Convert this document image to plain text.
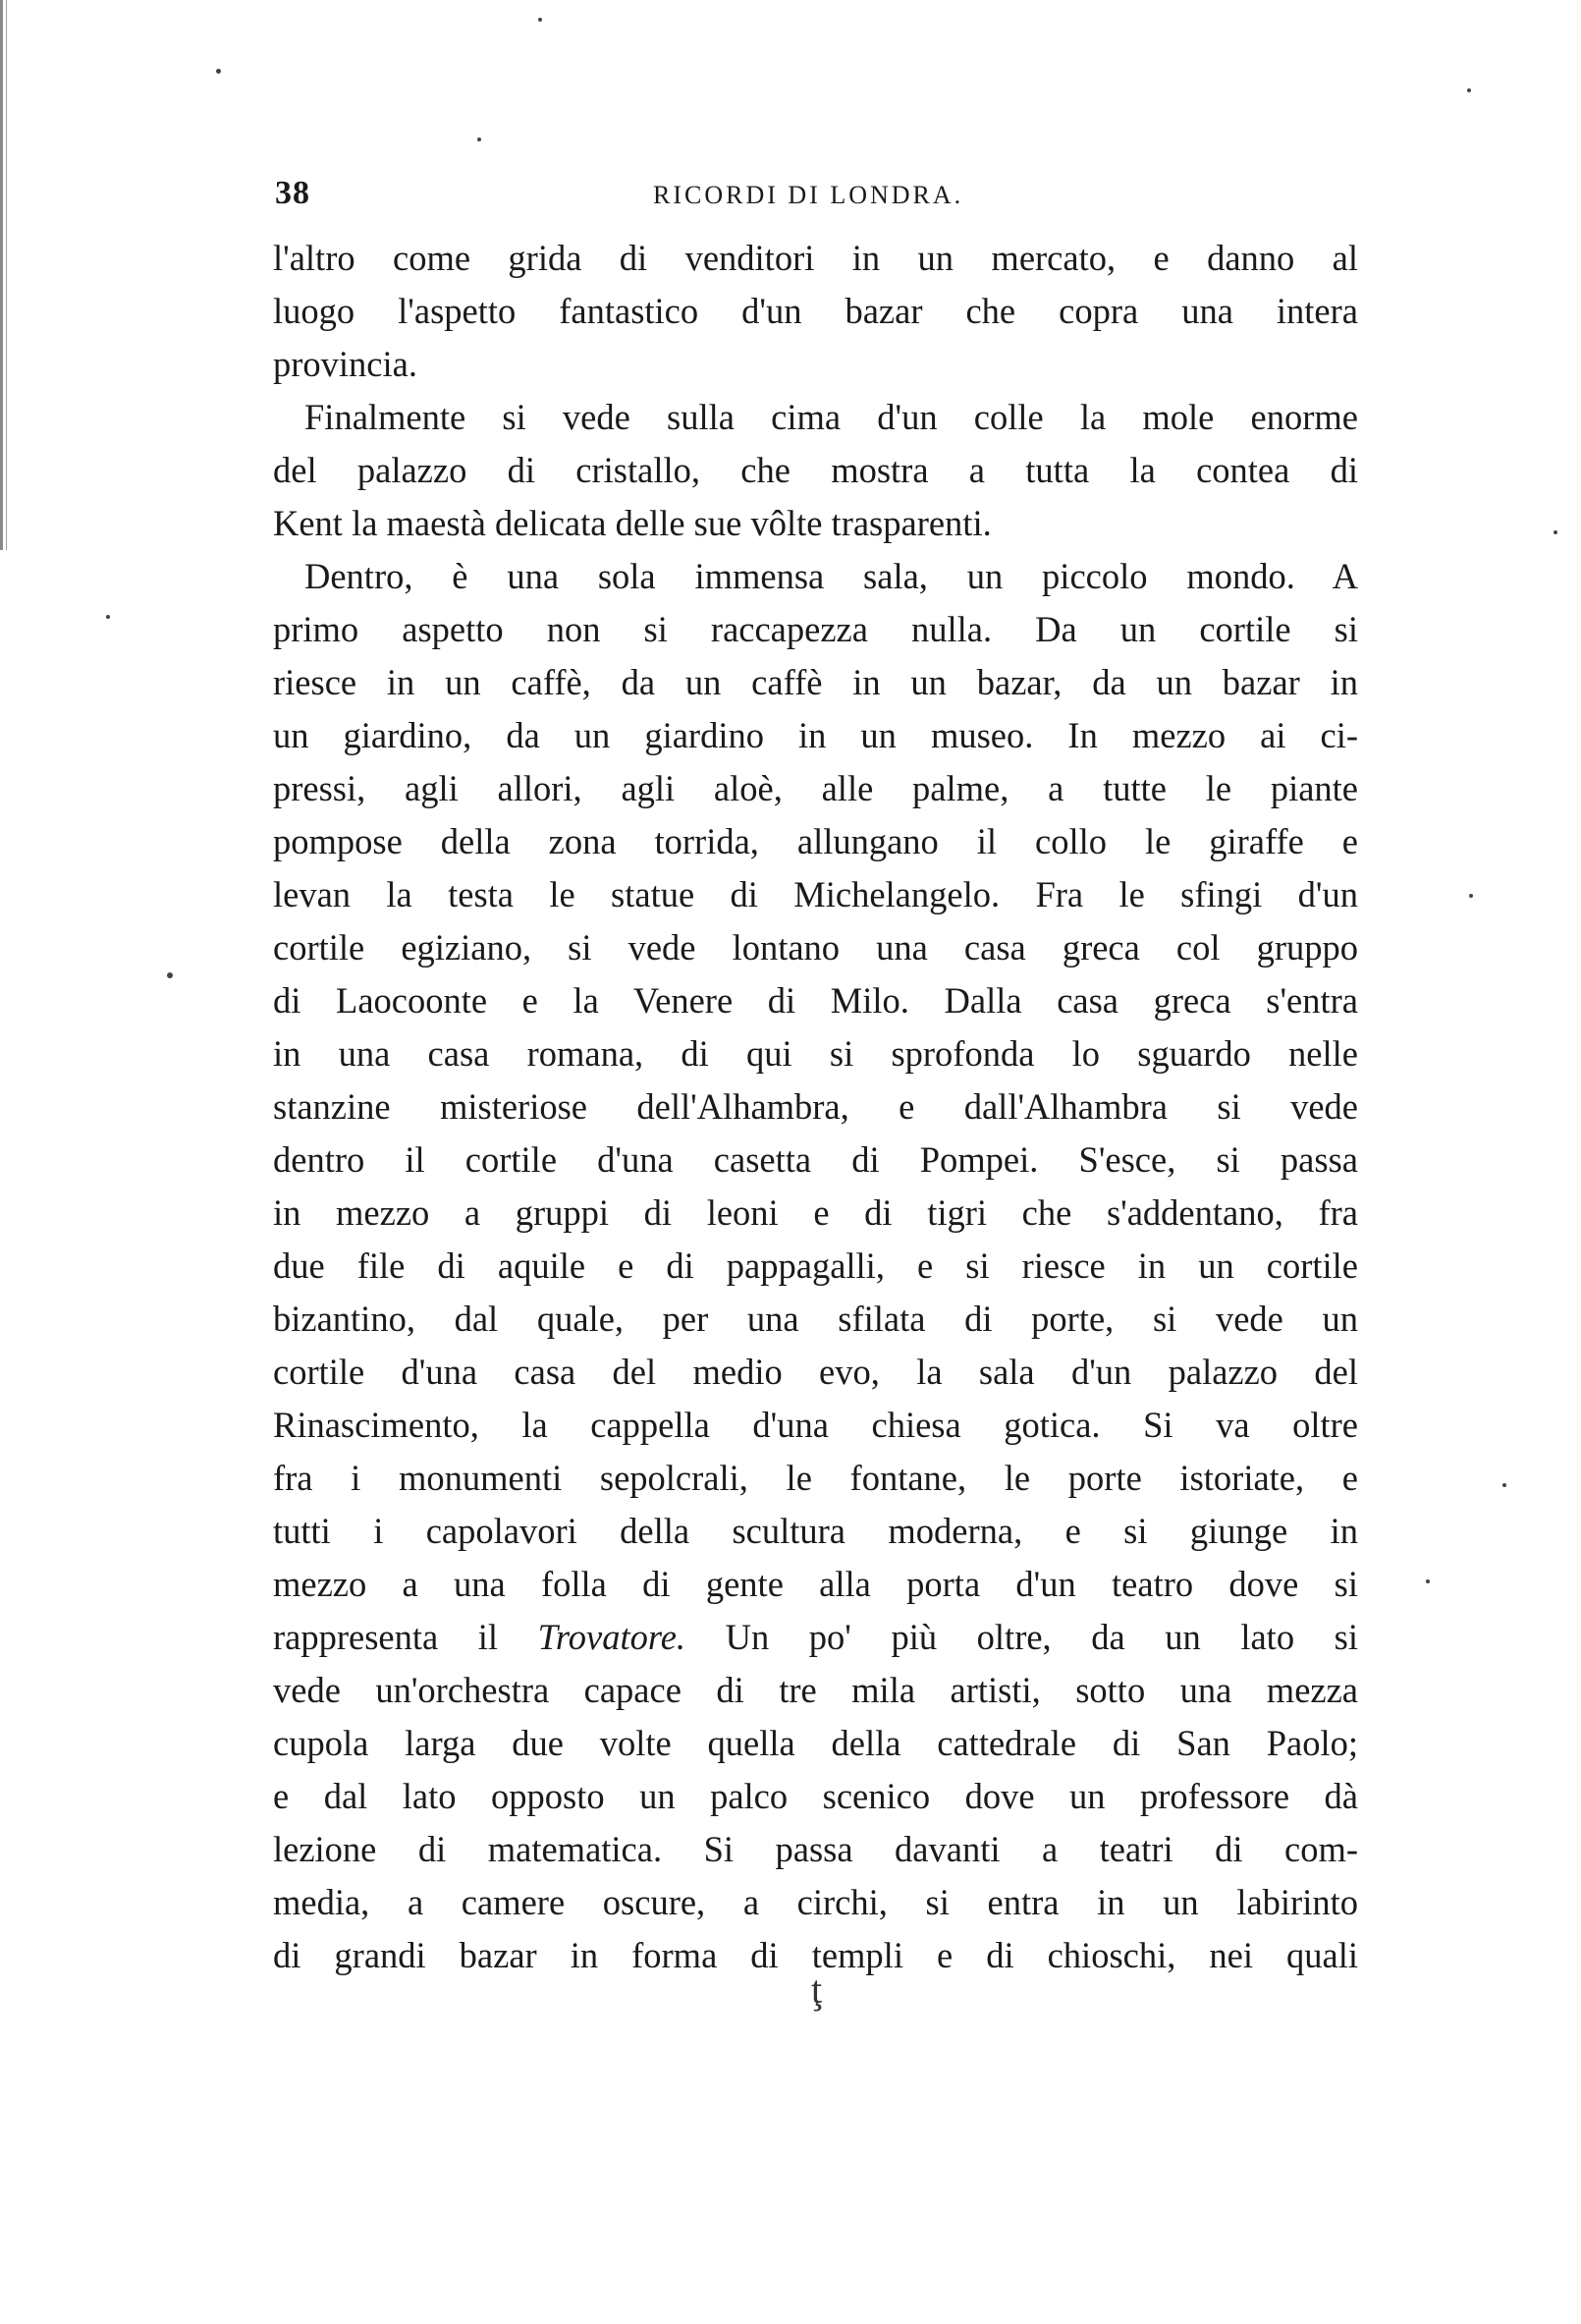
38	RICORDI DI LONDRA.
l'altro come grida di venditori in un mercato, e danno al
luogo l'aspetto fantastico d'un bazar che copra una intera
provincia.
Finalmente si vede sulla cima d'un colle la mole enorme
del palazzo di cristallo, che mostra a tutta la contea di
Kent la maestà delicata delle sue vôlte trasparenti.
Dentro, è una sola immensa sala, un piccolo mondo. A
primo aspetto non si raccapezza nulla. Da un cortile si
riesce in un caffè, da un caffè in un bazar, da un bazar in
un giardino, da un giardino in un museo. In mezzo ai ci-
pressi, agli allori, agli aloè, alle palme, a tutte le piante
pompose della zona torrida, allungano il collo le giraffe e
levan la testa le statue di Michelangelo. Fra le sfingi d'un
cortile egiziano, si vede lontano una casa greca col gruppo
di Laocoonte e la Venere di Milo. Dalla casa greca s'entra
in una casa romana, di qui si sprofonda lo sguardo nelle
stanzine misteriose dell'Alhambra, e dall'Alhambra si vede
dentro il cortile d'una casetta di Pompei. S'esce, si passa
in mezzo a gruppi di leoni e di tigri che s'addentano, fra
due file di aquile e di pappagalli, e si riesce in un cortile
bizantino, dal quale, per una sfilata di porte, si vede un
cortile d'una casa del medio evo, la sala d'un palazzo del
Rinascimento, la cappella d'una chiesa gotica. Si va oltre
fra i monumenti sepolcrali, le fontane, le porte istoriate, e
tutti i capolavori della scultura moderna, e si giunge in
mezzo a una folla di gente alla porta d'un teatro dove si
rappresenta il Trovatore. Un po' più oltre, da un lato si
vede un'orchestra capace di tre mila artisti, sotto una mezza
cupola larga due volte quella della cattedrale di San Paolo;
e dal lato opposto un palco scenico dove un professore dà
lezione di matematica. Si passa davanti a teatri di com-
media, a camere oscure, a circhi, si entra in un labirinto
di grandi bazar in forma di templi e di chioschi, nei quali
ţ
